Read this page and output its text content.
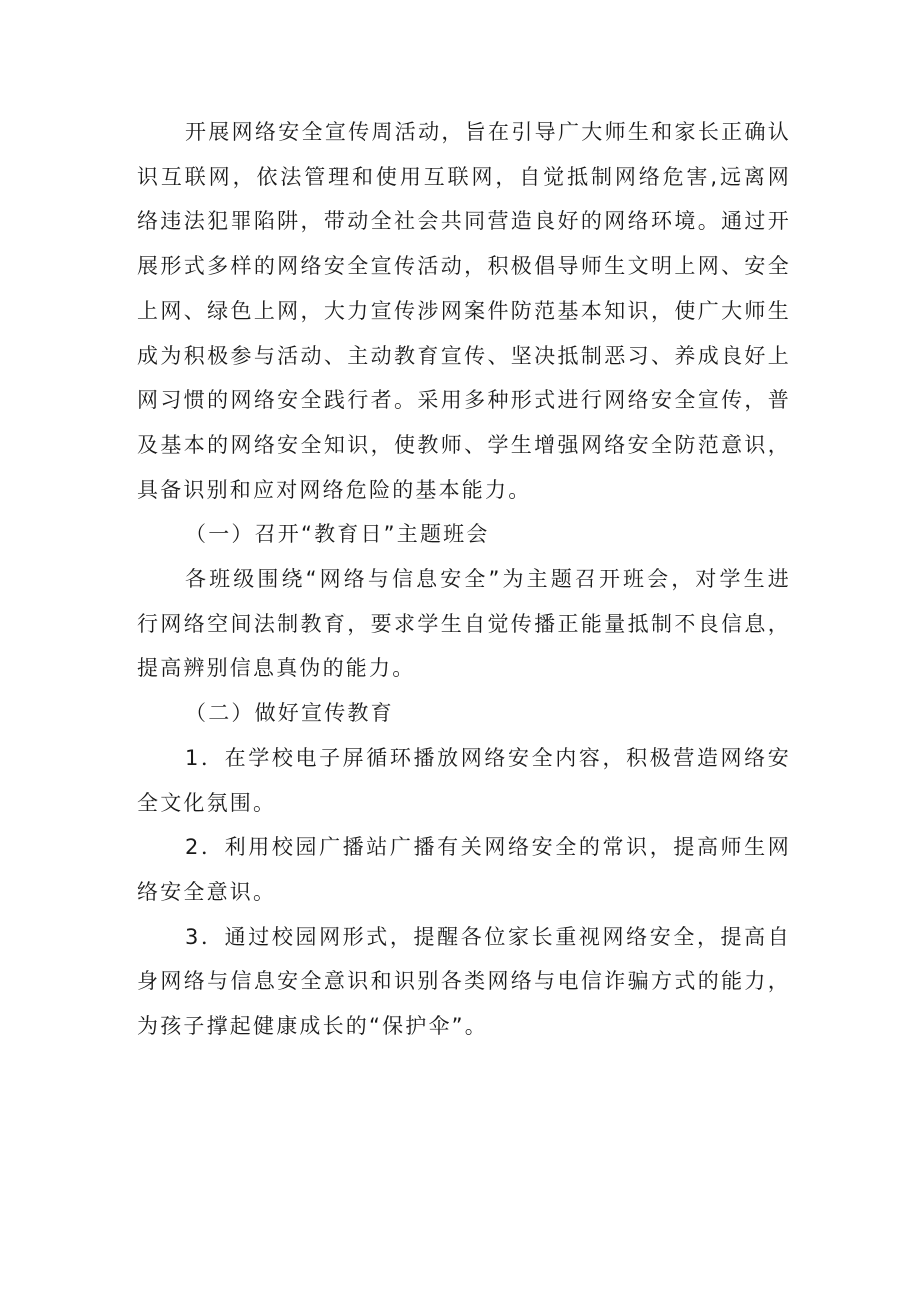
开展网络安全宣传周活动，旨在引导广大师生和家长正确认识互联网，依法管理和使用互联网，自觉抵制网络危害,远离网络违法犯罪陷阱，带动全社会共同营造良好的网络环境。通过开展形式多样的网络安全宣传活动，积极倡导师生文明上网、安全上网、绿色上网，大力宣传涉网案件防范基本知识，使广大师生成为积极参与活动、主动教育宣传、坚决抵制恶习、养成良好上网习惯的网络安全践行者。采用多种形式进行网络安全宣传，普及基本的网络安全知识，使教师、学生增强网络安全防范意识，具备识别和应对网络危险的基本能力。

（一）召开“教育日”主题班会

各班级围绕“网络与信息安全”为主题召开班会，对学生进行网络空间法制教育，要求学生自觉传播正能量抵制不良信息，提高辨别信息真伪的能力。

（二）做好宣传教育

1．在学校电子屏循环播放网络安全内容，积极营造网络安全文化氛围。

2．利用校园广播站广播有关网络安全的常识，提高师生网络安全意识。

3．通过校园网形式，提醒各位家长重视网络安全，提高自身网络与信息安全意识和识别各类网络与电信诈骗方式的能力，为孩子撑起健康成长的“保护伞”。
